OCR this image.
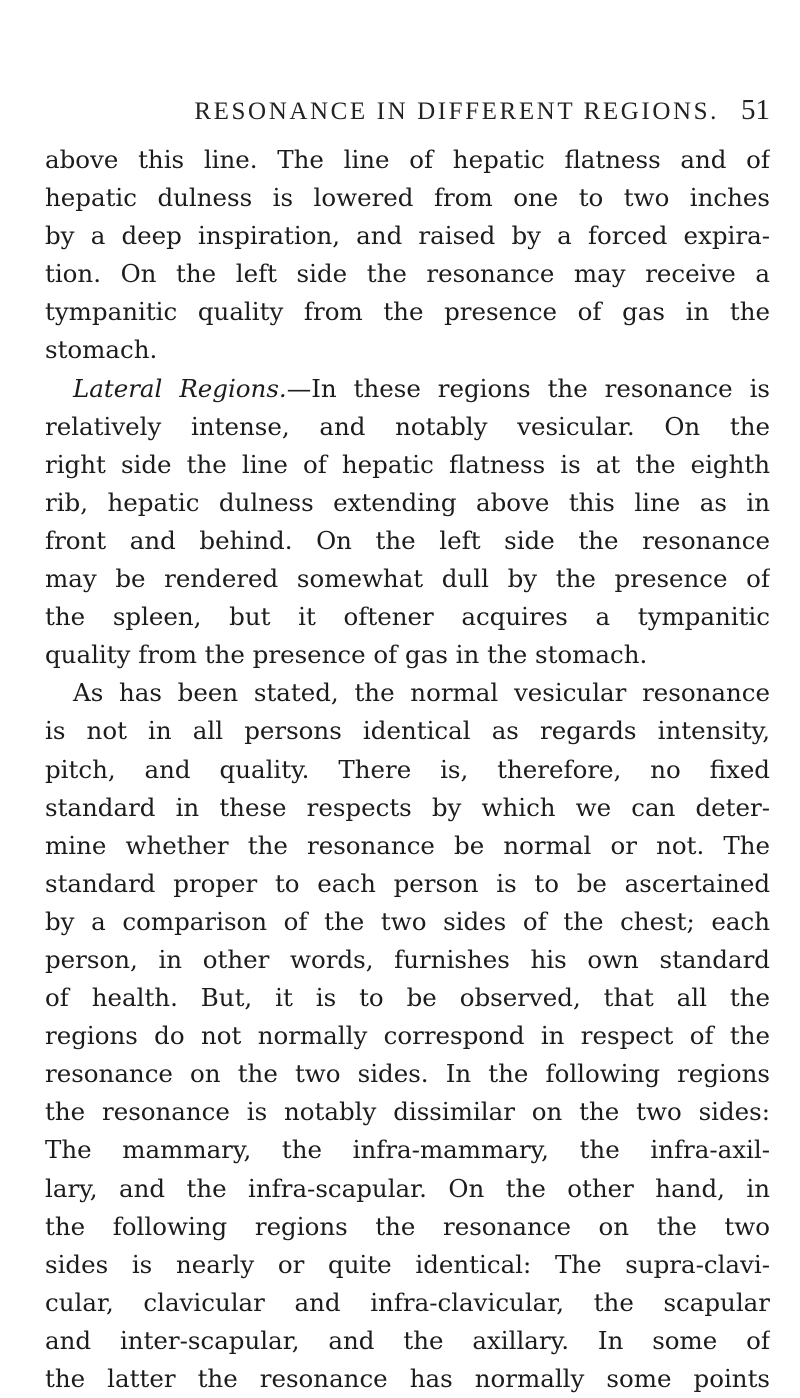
RESONANCE IN DIFFERENT REGIONS. 51
above this line. The line of hepatic flatness and of
hepatic dulness is lowered from one to two inches
by a deep inspiration, and raised by a forced expira-
tion. On the left side the resonance may receive a
tympanitic quality from the presence of gas in the
stomach.
Lateral Regions.—In these regions the resonance is
relatively intense, and notably vesicular. On the
right side the line of hepatic flatness is at the eighth
rib, hepatic dulness extending above this line as in
front and behind. On the left side the resonance
may be rendered somewhat dull by the presence of
the spleen, but it oftener acquires a tympanitic
quality from the presence of gas in the stomach.
As has been stated, the normal vesicular resonance
is not in all persons identical as regards intensity,
pitch, and quality. There is, therefore, no fixed
standard in these respects by which we can deter-
mine whether the resonance be normal or not. The
standard proper to each person is to be ascertained
by a comparison of the two sides of the chest; each
person, in other words, furnishes his own standard
of health. But, it is to be observed, that all the
regions do not normally correspond in respect of the
resonance on the two sides. In the following regions
the resonance is notably dissimilar on the two sides:
The mammary, the infra-mammary, the infra-axil-
lary, and the infra-scapular. On the other hand, in
the following regions the resonance on the two
sides is nearly or quite identical: The supra-clavi-
cular, clavicular and infra-clavicular, the scapular
and inter-scapular, and the axillary. In some of
the latter the resonance has normally some points
